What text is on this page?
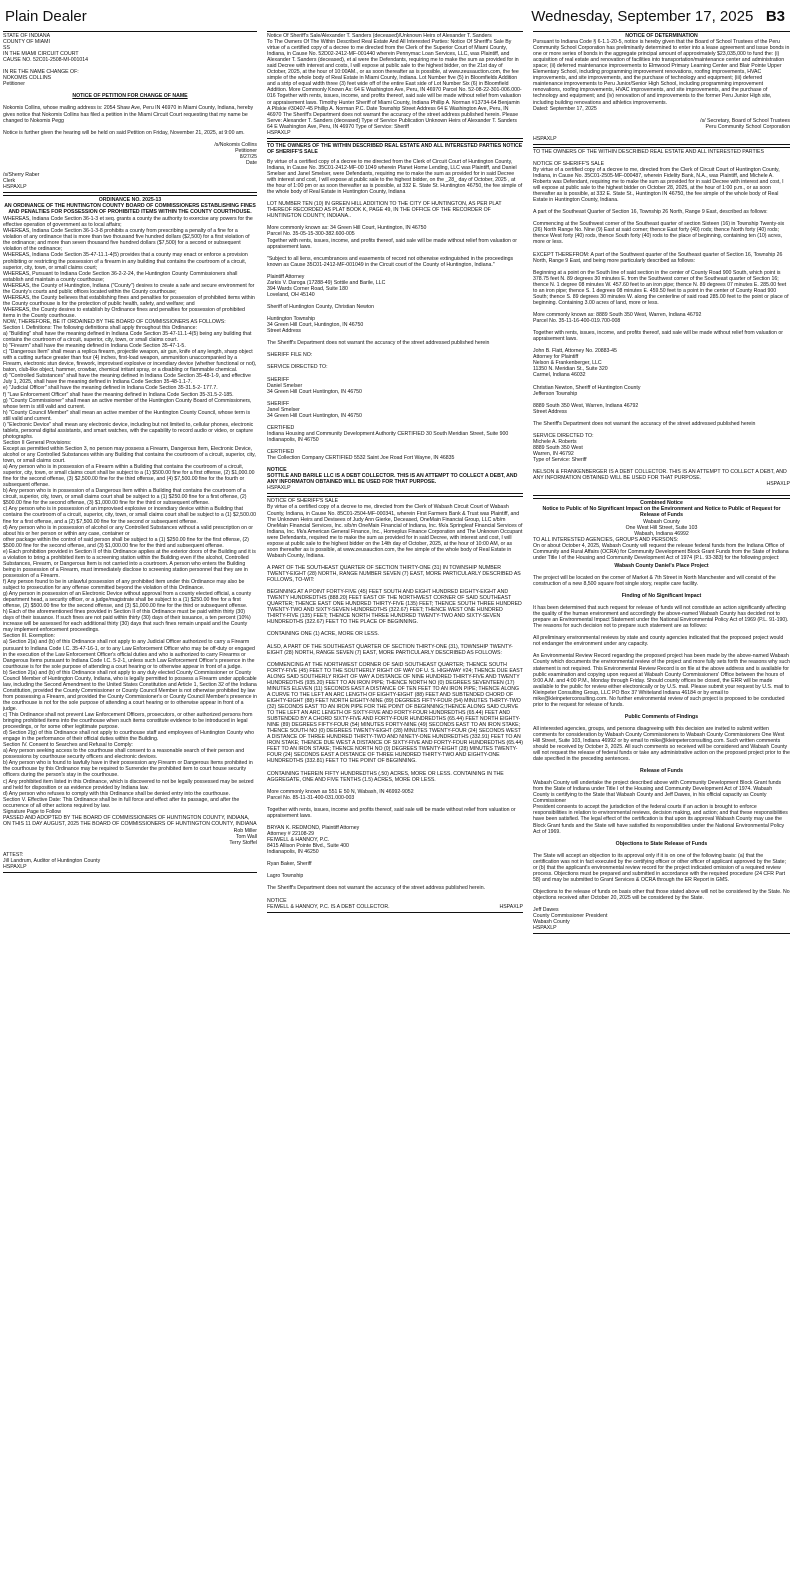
Plain Dealer	Wednesday, September 17, 2025 B3

STATE OF INDIANA
COUNTY OF MIAMI
SS
IN THE MIAMI CIRCUIT COURT
CAUSE NO. 52C01-2508-MI-001014

IN RE THE NAME CHANGE OF:
NOKOMIS COLLINS
Petitioner

NOTICE OF PETITION FOR CHANGE OF NAME

Nokomis Collins, whose mailing address is: 2054 Shaw Ave, Peru IN 46970 in Miami County, Indiana, hereby gives notice that Nokomis Collins has filed a petition in the Miami Circuit Court requesting that my name be changed to Nokomis Pegg

Notice is further given the hearing will be held on said Petition on Friday, November 21, 2025, at 9:00 am.

/s/Nokomis Collins
Petitioner
8/27/25
Date

/s/Sherry Raber
Clerk
HSPAXLP

ORDINANCE NO. 2025-13
AN ORDINANCE OF THE HUNTINGTON COUNTY BOARD OF COMMISSIONERS ESTABLISHING FINES AND PENALTIES FOR POSSESSION OF PROHIBITED ITEMS WITHIN THE COUNTY COURTHOUSE.

WHEREAS, Indiana Code Section 36-1-3 et seq. grants a county the authority to exercise any powers for the effective operation of government as to local affairs;
WHEREAS, Indiana Code Section 36-1-3-8 prohibits a county from prescribing a penalty of a fine for a violation of any ordinance that is more than two thousand five hundred dollars ($2,500) for a first violation of the ordinance; and more than seven thousand five hundred dollars ($7,500) for a second or subsequent violation of the ordinance;
WHEREAS, Indiana Code Section 35-47-11.1-4(5) provides that a county may enact or enforce a provision prohibiting or restricting the possession of a firearm in any building that contains the courtroom of a circuit, superior, city, town, or small claims court;
WHEREAS, Pursuant to Indiana Code Section 36-2-2-24, the Huntington County Commissioners shall establish and maintain a county courthouse;
WHEREAS, the County of Huntington, Indiana ("County") desires to create a safe and secure environment for the County's courts and public offices located within the County courthouse;
WHEREAS, the County believes that establishing fines and penalties for possession of prohibited items within the County courthouse is for the protection of public health, safety, and welfare; and
WHEREAS, the County desires to establish by Ordinance fines and penalties for possession of prohibited items in the County courthouse.
NOW, THEREFORE, BE IT ORDAINED BY THE BOARD OF COMMISSIONERS AS FOLLOWS:
Section I. Definitions: The following definitions shall apply throughout this Ordinance:
a) "Building" shall have the meaning defined in Indiana Code Section 35-47-11.1-4(5) being any building that contains the courtroom of a circuit, superior, city, town, or small claims court.
b) "Firearm" shall have the meaning defined in Indiana Code Section 35-47-1-5.
c) "Dangerous Item" shall mean a replica firearm, projectile weapon, air gun, knife of any length, sharp object with a cutting surface greater than four (4) inches, first-load weapon, ammunition unaccompanied by a Firearm, electronic stun device, firework, improvised explosive or incendiary device (whether functional or not), baton, club-like object, hammer, crowbar, chemical irritant spray, or a disabling or flammable chemical.
d) "Controlled Substances" shall have the meaning defined in Indiana Code Section 35-48-1-9, and effective July 1, 2025, shall have the meaning defined in Indiana Code Section 35-48-1.1-7.
e) "Judicial Officer" shall have the meaning defined in Indiana Code Section 35-31.5-2- 177.7.
f) "Law Enforcement Officer" shall have the meaning defined in Indiana Code Section 35-31.5-2-185.
g) "County Commissioner" shall mean an active member of the Huntington County Board of Commissioners, whose term is still valid and current.
h) "County Council Member" shall mean an active member of the Huntington County Council, whose term is still valid and current.
i) "Electronic Device" shall mean any electronic device, including but not limited to, cellular phones, electronic tablets, personal digital assistants, and smart watches, with the capability to record audio or video, or capture photographs.
Section II General Provisions:
Except as permitted within Section 3, no person may possess a Firearm, Dangerous Item, Electronic Device, alcohol or any Controlled Substances within any Building that contains the courtroom of a circuit, superior, city, town, or small claims court.
a) Any person who is in possession of a Firearm within a Building that contains the courtroom of a circuit, superior, city, town, or small claims court shall be subject to a (1) $500.00 fine for a first offense, (2) $1,000.00 fine for the second offense, (3) $2,500.00 fine for the third offense, and (4) $7,500.00 fine for the fourth or subsequent offense.
b) Any person who is in possession of a Dangerous Item within a Building that contains the courtroom of a circuit, superior, city, town, or small claims court shall be subject to a (1) $250.00 fine for a first offense, (2) $500.00 fine for the second offense, (3) $1,000.00 fine for the third or subsequent offense.
c) Any person who is in possession of an improvised explosive or incendiary device within a Building that contains the courtroom of a circuit, superior, city, town, or small claims court shall be subject to a (1) $2,500.00 fine for a first offense, and a (2) $7,500.00 fine for the second or subsequent offense.
d) Any person who is in possession of alcohol or any Controlled Substances without a valid prescription on or about his or her person or within any case, container or
other package within the control of said person shall be subject to a (1) $250.00 fine for the first offense, (2) $500.00 fine for the second offense, and (3) $1,000.00 fine for the third and subsequent offense.
e) Each prohibition provided in Section II of this Ordinance applies at the exterior doors of the Building and it is a violation to bring a prohibited item to a screening station within the Building even if the alcohol, Controlled Substances, Firearm, or Dangerous Item is not carried into a courtroom. A person who enters the Building being in possession of a Firearm, must immediately disclose to screening station personnel that they are in possession of a Firearm.
f) Any person found to be in unlawful possession of any prohibited item under this Ordinance may also be subject to prosecution for any offense committed beyond the violation of this Ordinance.
g) Any person in possession of an Electronic Device without approval from a county elected official, a county department head, a security officer, or a judge/magistrate shall be subject to a (1) $250.00 fine for a first offense, (2) $500.00 fine for the second offense, and (3) $1,000.00 fine for the third or subsequent offense.
h) Each of the aforementioned fines provided in Section II of this Ordinance must be paid within thirty (30) days of their issuance. If such fines are not paid within thirty (30) days of their issuance, a ten percent (10%) increase will be assessed for each additional thirty (30) days that such fines remain unpaid and the County may implement enforcement proceedings.
Section III. Exemption:
a) Section 2(a) and (b) of this Ordinance shall not apply to any Judicial Officer authorized to carry a Firearm pursuant to Indiana Code I.C. 35-47-16-1, or to any Law Enforcement Officer who may be off-duty or engaged in the execution of the Law Enforcement Officer's official duties and who is authorized to carry Firearms or Dangerous Items pursuant to Indiana Code I.C. 5-2-1, unless such Law Enforcement Officer's presence in the courthouse is for the sole purpose of attending a court hearing or to otherwise appear in front of a judge.
b) Section 2(a) and (b) of this Ordinance shall not apply to any duly elected County Commissioner or County Council Member of Huntington County, Indiana, who is legally permitted to possess a Firearm under applicable law, including the Second Amendment to the United States Constitution and Article 1, Section 32 of the Indiana Constitution, provided the County Commissioner or County Council Member is not otherwise prohibited by law from possessing a Firearm, and provided the County Commissioner's or County Council Member's presence in the courthouse is not for the sole purpose of attending a court hearing or to otherwise appear in front of a judge.
c) This Ordinance shall not prevent Law Enforcement Officers, prosecutors, or other authorized persons from bringing prohibited items into the courthouse when such items constitute evidence to be introduced in legal proceedings, or for some other legitimate purpose.
d) Section 2(g) of this Ordinance shall not apply to courthouse staff and employees of Huntington County who engage in the performance of their official duties within the Building.
Section IV. Consent to Searches and Refusal to Comply:
a) Any person seeking access to the courthouse shall consent to a reasonable search of their person and possessions by courthouse security officers and electronic devices.
b) Any person who is found to lawfully have in their possession any Firearm or Dangerous Items prohibited in the courthouse by this Ordinance may be required to Surrender the prohibited item to court house security officers during the person's stay in the courthouse.
c) Any prohibited item listed in this Ordinance, which is discovered to not be legally possessed may be seized and held for disposition or as evidence provided by Indiana law.
d) Any person who refuses to comply with this Ordinance shall be denied entry into the courthouse.
Section V. Effective Date: This Ordinance shall be in full force and effect after its passage, and after the occurrence of all other actions required by law.
Signature Page to Follow
PASSED AND ADOPTED BY THE BOARD OF COMMISSIONERS OF HUNTINGTON COUNTY, INDIANA, ON THIS 11 DAY AUGUST, 2025 THE BOARD OF COMMISSIONERS OF HUNTINGTON COUNTY, INDIANA

Rob Miller
Tom Wall
Terry Stoffel

ATTEST:
Jill Landrum, Auditor of Huntington County
HSPAXLP

Notice Of Sheriff's Sale/Alexander T. Sanders (deceased)/Unknown Heirs of Alexander T. Sanders
To The Owners Of The Within Described Real Estate And All Interested Parties: Notice Of Sheriff's Sale By virtue of a certified copy of a decree to me directed from the Clerk of the Superior Court of Miami County, Indiana, in Cause No. 52D02-2412-MF-001440 wherein Pennymac Loan Services, LLC, was Plaintiff, and Alexander T. Sanders (deceased), et al were the Defendants, requiring me to make the sum as provided for in said Decree with interest and costs, I will expose at public sale to the highest bidder, on the 21st day of October, 2025, at the hour of 10:00AM., or as soon thereafter as is possible, at www.zeusauction.com, the fee simple of the whole body of Real Estate in Miami County, Indiana. Lot Number five (5) in Bloomfields Addition and a strip of equal width three (3) feet wide off of the entire East side of Lot Number Six (6) in Bloomfield Addition. More Commonly Known As: 64 E Washington Ave, Peru, IN 46970 Parcel No. 52-08-22-301-006.000-016 Together with rents, issues, income, and profits thereof, said sale will be made without relief from valuation or appraisement laws. Timothy Hunter Sheriff of Miami County, Indiana Phillip A. Norman #13734-64 Benjamin A Pilskie #30407-45 Phillip A. Norman P.C. Date Township Street Address 64 E Washington Ave, Peru, IN 46970 The Sheriff's Department does not warrant the accuracy of the street address published herein. Please Serve: Alexander T. Sanders (deceased) Type of Service Publication Unknown Heirs of Alexander T. Sanders 64 E Washington Ave, Peru, IN 46970 Type of Service: Sheriff
HSPAXLP

TO THE OWNERS OF THE WITHIN DESCRIBED REAL ESTATE AND ALL INTERESTED PARTIES NOTICE OF SHERIFF'S SALE

By virtue of a certified copy of a decree to me directed from the Clerk of Circuit Court of Huntington County, Indiana, in Cause No. 35C01-2412-MF-00 1049 wherein Planet Home Lending, LLC was Plaintiff, and Daniel Smelser and Janel Smelser, were Defendants, requiring me to make the sum as provided for in said Decree with interest and cost, I will expose at public sale to the highest bidder, on the _28_ day of October, 2025 , at the hour of 1:00 pm or as soon thereafter as is possible, at 332 E. State St. Huntington 46750, the fee simple of the whole body of Real Estate in Huntington County, Indiana

LOT NUMBER TEN (10) IN GREEN HILL ADDITION TO THE CITY OF HUNTINGTON, AS PER PLAT THEREOF RECORDED AS PLAT BOOK K, PAGE 49, IN THE OFFICE OF THE RECORDER OF HUNTINGTON COUNTY, INDIANA..

More commonly known as: 34 Green Hill Court, Huntington, IN 46750
Parcel No. 35-05-15-300-382.600-005
Together with rents, issues, income, and profits thereof, said sale will be made without relief from valuation or appraisement laws.

"Subject to all liens, encumbrances and easements of record not otherwise extinguished in the proceedings known as Cause 35C01-2412-MF-001049 in the Circuit court of the County of Huntington, Indiana."

Plaintiff Attorney
Zarkis V. Daroga (17288-49) Sottile and Barile, LLC
394 Wards Corner Road, Suite 180
Loveland, OH 45140

Sheriff of Huntington County, Christian Newton

Huntington Township
34 Green Hill Court, Huntington, IN 46750
Street Address

The Sheriff's Department does not warrant the accuracy of the street addressed published herein

SHERIFF FILE NO:

SERVICE DIRECTED TO:

SHERIFF
Daniel Smelser
34 Green Hill Court Huntington, IN 46750

SHERIFF
Janel Smelser
34 Green Hill Court Huntington, IN 46750

CERTIFIED
Indiana Housing and Community Development Authority CERTIFIED 30 South Meridian Street, Suite 900 Indianapolis, IN 46750

CERTIFIED
The Collection Company CERTIFIED 5532 Saint Joe Road Fort Wayne, IN 46835

NOTICE
SOTTILE AND BARILE LLC IS A DEBT COLLECTOR. THIS IS AN ATTEMPT TO COLLECT A DEBT, AND ANY INFORMATON OBTAINED WILL BE USED FOR THAT PURPOSE.

HSPAXLP

NOTICE OF SHERIFF'S SALE
By virtue of a certified copy of a decree to me, directed from the Clerk of Wabash Circuit Court of Wabash County, Indiana, in Cause No. 85C01-2504-MF-000341, wherein First Farmers Bank & Trust was Plaintiff, and The Unknown Heirs and Devisees of Judy Ann Gierke, Deceased, OneMain Financial Group, LLC s/b/m OneMain Financial Services, Inc. s/b/m OneMain Financial of Indiana, Inc. f/k/a Springleaf Financial Services of Indiana, Inc. f/k/a American General Finance, Inc., Homeplus Finance Corporation and The Unknown Occupant were Defendants, required me to make the sum as provided for in said Decree, with interest and cost, I will expose at public sale to the highest bidder on the 14th day of October, 2025, at the hour of 10:00 AM, or as soon thereafter as is possible, at www.zeusauction.com, the fee simple of the whole body of Real Estate in Wabash County, Indiana.

A PART OF THE SOUTHEAST QUARTER OF SECTION THIRTY-ONE (31) IN TOWNSHIP NUMBER TWENTY-EIGHT (28) NORTH, RANGE NUMBER SEVEN (7) EAST, MORE PARTICULARLY DESCRIBED AS FOLLOWS, TO-WIT:

BEGINNING AT A POINT FORTY-FIVE (45) FEET SOUTH AND EIGHT HUNDRED EIGHTY-EIGHT AND TWENTY HUNDREDTHS (888.20) FEET EAST OF THE NORTHWEST CORNER OF SAID SOUTHEAST QUARTER; THENCE EAST ONE HUNDRED THIRTY-FIVE (135) FEET; THENCE SOUTH THREE HUNDRED TWENTY-TWO AND SIXTY-SEVEN HUNDREDTHS (322.67) FEET; THENCE WEST ONE HUNDRED THIRTY-FIVE (135) FEET; THENCE NORTH THREE HUNDRED TWENTY-TWO AND SIXTY-SEVEN HUNDREDTHS (322.67) FEET TO THE PLACE OF BEGINNING.

CONTAINING ONE (1) ACRE, MORE OR LESS.

ALSO, A PART OF THE SOUTHEAST QUARTER OF SECTION THIRTY-ONE (31), TOWNSHIP TWENTY-EIGHT (28) NORTH, RANGE SEVEN (7) EAST, MORE PARTICULARLY DESCRIBED AS FOLLOWS:

COMMENCING AT THE NORTHWEST CORNER OF SAID SOUTHEAST QUARTER; THENCE SOUTH FORTY-FIVE (45) FEET TO THE SOUTHERLY RIGHT OF WAY OF U. S. HIGHWAY #24; THENCE DUE EAST ALONG SAID SOUTHERLY RIGHT OF WAY A DISTANCE OF NINE HUNDRED THIRTY-FIVE AND TWENTY HUNDREDTHS (935.20) FEET TO AN IRON PIPE; THENCE NORTH NO (0) DEGREES SEVENTEEN (17) MINUTES ELEVEN (11) SECONDS EAST A DISTANCE OF TEN FEET TO AN IRON PIPE; THENCE ALONG A CURVE TO THE LEFT AN ARC LENGTH OF EIGHTY-EIGHT (88) FEET AND SUBTENDED CHORD OF EIGHTY-EIGHT (88) FEET NORTH EIGHTY-NINE (89) DEGREES FIFTY-FOUR (54) MINUTES THIRTY-TWO (32) SECONDS EAST TO AN IRON PIPE FOR THE POINT OF BEGINNING;THENCE ALONG SAID CURVE TO THE LEFT AN ARC LENGTH OF SIXTY-FIVE AND FORTY-FOUR HUNDREDTHS (65.44) FEET AND SUBTENDED BY A CHORD SIXTY-FIVE AND FORTY-FOUR HUNDREDTHS (65.44) FEET NORTH EIGHTY-NINE (89) DEGREES FIFTY-FOUR (54) MINUTES FORTY-NINE (49) SECONDS EAST TO AN IRON STAKE; THENCE SOUTH NO (0) DEGREES TWENTY-EIGHT (28) MINUTES TWENTY-FOUR (24) SECONDS WEST A DISTANCE OF THREE HUNDRED THIRTY-TWO AND NINETY-ONE HUNDREDTHS (332.91) FEET TO AN IRON STAKE; THENCE DUE WEST A DISTANCE OF SIXTY-FIVE AND FORTY-FOUR HUNDREDTHS (65.44) FEET TO AN IRON STAKE; THENCE NORTH NO (0) DEGREES TWENTY-EIGHT (28) MINUTES TWENTY-FOUR (24) SECONDS EAST A DISTANCE OF THREE HUNDRED THIRTY-TWO AND EIGHTY-ONE HUNDREDTHS (332.81) FEET TO THE POINT OF BEGINNING.

CONTAINING THEREIN FIFTY HUNDREDTHS (.50) ACRES, MORE OR LESS. CONTAINING IN THE AGGREGATE, ONE AND FIVE TENTHS (1.5) ACRES, MORE OR LESS.

More commonly known as 551 E 50 N, Wabash, IN 46992-9052
Parcel No. 85-11-31-400-031.000-003

Together with rents, issues, income and profits thereof, said sale will be made without relief from valuation or appraisement laws.

BRYAN K. REDMOND, Plaintiff Attorney
Attorney # 22108-29
FEIWELL & HANNOY, P.C.
8415 Allison Pointe Blvd., Suite 400
Indianapolis, IN 46250

Ryan Baker, Sheriff

Lagro Township

The Sheriff's Department does not warrant the accuracy of the street address published herein.

NOTICE

FEIWELL & HANNOY, P.C. IS A DEBT COLLECTOR.	HSPAXLP

NOTICE OF DETERMINATION

Pursuant to Indiana Code § 6-1.1-20-5, notice is hereby given that the Board of School Trustees of the Peru Community School Corporation has preliminarily determined to enter into a lease agreement and issue bonds in one or more series of bonds in the aggregate principal amount of approximately $23,035,000 to fund the: (i) acquisition of real estate and renovation of facilities into transportation/maintenance center and administration space; (ii) deferred maintenance improvements to Elmwood Primary Learning Center and Blair Pointe Upper Elementary School, including programming improvement renovations, roofing improvements, HVAC improvements, and site improvements, and the purchase of technology and equipment; (iii) deferred maintenance improvements to Peru Junior/Senior High School, including programming improvement renovations, roofing improvements, HVAC improvements, and site improvements, and the purchase of technology and equipment; and (iv) renovation of and improvements to the former Peru Junior High site, including building renovations and athletics improvements.
Dated: September 17, 2025

/s/ Secretary, Board of School Trustees
Peru Community School Corporation

HSPAXLP

TO THE OWNERS OF THE WITHIN DESCRIBED REAL ESTATE AND ALL INTERESTED PARTIES

NOTICE OF SHERIFF'S SALE
By virtue of a certified copy of a decree to me, directed from the Clerk of Circuit Court of Huntington County, Indiana, in Cause No. 35C01-2505-MF-000487, wherein Fidelity Bank, N.A., was Plaintiff, and Michele A. Roberts was Defendant, requiring me to make the sum as provided for in said Decree with interest and cost, I will expose at public sale to the highest bidder on October 28, 2025, at the hour of 1:00 p.m., or as soon thereafter as is possible, at 332 E. State St., Huntington IN 46750, the fee simple of the whole body of Real Estate in Huntington County, Indiana.

A part of the Southeast Quarter of Section 16, Township 26 North, Range 9 East, described as follows:

Commencing at the Southwest corner of the Southeast quarter of section Sixteen (16) in Township Twenty-six (26) North Range No. Nine (9) East at said corner; thence East forty (40) rods; thence North forty (40) rods; thence West forty (40) rods, thence South forty (40) rods to the place of beginning, containing ten (10) acres, more or less.

EXCEPT THEREFROM: A part of the Southwest quarter of the Southeast quarter of Section 16, Township 26 North, Range 9 East, and being more particularly described as follows:

Beginning at a point on the South line of said section in the center of County Road 900 South, which point is 378.75 feet N. 89 degrees 30 minutes E. from the Southwest corner of the Southeast quarter of Section 16; thence N. 1 degree 08 minutes W. 457.60 feet to an iron pipe; thence N. 89 degrees 07 minutes E. 285.00 feet to an iron pipe; thence S. 1 degrees 08 minutes E. 459.50 feet to a point in the center of County Road 900 South; thence S. 89 degrees 30 minutes W. along the centerline of said road 285.00 feet to the point or place of beginning. Containing 3.00 acres of land, more or less.

More commonly known as: 8889 South 350 West, Warren, Indiana 46792
Parcel No. 35-11-16-400-019.700-008

Together with rents, issues, income, and profits thereof, said sale will be made without relief from valuation or appraisement laws.

John B. Flatt, Attorney No. 20883-45
Attorney for Plaintiff
Nelson & Frankenberger, LLC
11350 N. Meridian St., Suite 320
Carmel, Indiana 46032

Christian Newton, Sheriff of Huntington County
Jefferson Township

8889 South 350 West, Warren, Indiana 46792
Street Address

The Sheriff's Department does not warrant the accuracy of the street addressed published herein

SERVICE DIRECTED TO:
Michele A. Roberts
8889 South 350 West
Warren, IN 46792
Type of Service: Sheriff

NELSON & FRANKENBERGER IS A DEBT COLLECTOR. THIS IS AN ATTEMPT TO COLLECT A DEBT, AND ANY INFORMATION OBTAINED WILL BE USED FOR THAT PURPOSE.

HSPAXLP

Combined Notice
Notice to Public of No Significant Impact on the Environment and Notice to Public of Request for Release of Funds

Wabash County
One West Hill Street, Suite 103
Wabash, Indiana 46992

TO ALL INTERESTED AGENCIES, GROUPS AND PERSONS:
On or about October 4, 2025, Wabash County will request the release federal funds from the Indiana Office of Community and Rural Affairs (OCRA) for Community Development Block Grant Funds from the State of Indiana under Title I of the Housing and Community Development Act of 1974 (P.L. 93-383) for the following project:

Wabash County Daniel's Place Project

The project will be located on the corner of Market & 7th Street in North Manchester and will consist of the construction of a new 8,500 square foot single story, respite care facility.

Finding of No Significant Impact

It has been determined that such request for release of funds will not constitute an action significantly affecting the quality of the human environment and accordingly the above-named Wabash County has decided not to prepare an Environmental Impact Statement under the National Environmental Policy Act of 1969 (P.L. 91-190). The reasons for such decision not to prepare such statement are as follows:

All preliminary environmental reviews by state and county agencies indicated that the proposed project would not endanger the environment under any capacity.

An Environmental Review Record regarding the proposed project has been made by the above-named Wabash County which documents the environmental review of the project and more fully sets forth the reasons why such statement is not required. This Environmental Review Record is on file at the above address and is available for public examination and copying upon request at Wabash County Commissioners' Office between the hours of 9:00 A.M. and 4:00 P.M., Monday through Friday. Should county offices be closed, the ERR will be made available to the public for review either electronically or by U.S. mail. Please submit your request by U.S. mail to Kleinpeter Consulting Group, LLC PO Box 37 Whiteland Indiana 46184 or by email to mike@kleinpeterconsulting.com. No further environmental review of such project is proposed to be conducted prior to the request for release of funds.

Public Comments of Findings

All interested agencies, groups, and persons disagreeing with this decision are invited to submit written comments for consideration by Wabash County Commissioners to Wabash County Commissioners One West Hill Street, Suite 103, Indiana 46992 or by email to mike@kleinpeterconsulting.com. Such written comments should be received by October 3, 2025. All such comments so received will be considered and Wabash County will not request the release of federal funds or take any administrative action on the proposed project prior to the date specified in the preceding sentences.

Release of Funds

Wabash County will undertake the project described above with Community Development Block Grant funds from the State of Indiana under Title I of the Housing and Community Development Act of 1974. Wabash County is certifying to the State that Wabash County and Jeff Dawes, in his official capacity as County Commissioner
President consents to accept the jurisdiction of the federal courts if an action is brought to enforce responsibilities in relation to environmental reviews, decision making, and action; and that these responsibilities have been satisfied. The legal effect of the certification is that upon its approval Wabash County may use the Block Grant funds and the State will have satisfied its responsibilities under the National Environmental Policy Act of 1969.

Objections to State Release of Funds

The State will accept an objection to its approval only if it is on one of the following basis: (a) that the certification was not in fact executed by the certifying officer or other officer of applicant approved by the State; or (b) that the applicant's environmental review record for the project indicated omission of a required review process. Objections must be prepared and submitted in accordance with the required procedure (24 CFR Part 58) and may be submitted to Grant Services & OCRA through the ER Report in GMS.

Objections to the release of funds on basis other that those stated above will not be considered by the State. No objections received after October 20, 2025 will be considered by the State.

Jeff Dawes
County Commissioner President
Wabash County
HSPAXLP
